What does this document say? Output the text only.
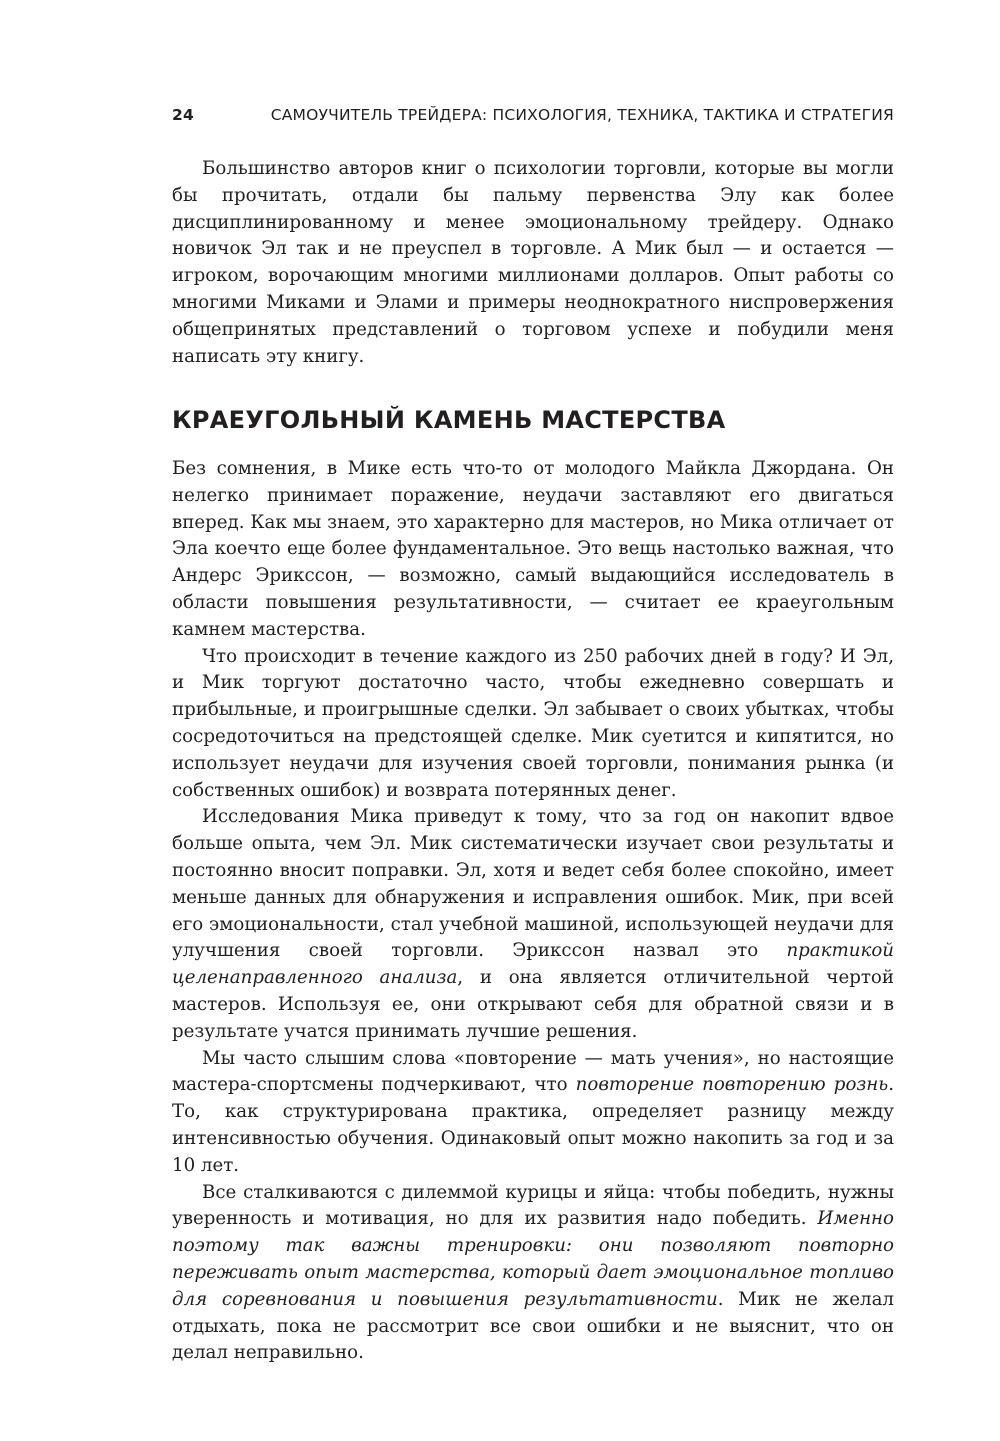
24	САМОУЧИТЕЛЬ ТРЕЙДЕРА: ПСИХОЛОГИЯ, ТЕХНИКА, ТАКТИКА И СТРАТЕГИЯ

Большинство авторов книг о психологии торговли, которые вы могли бы прочитать, отдали бы пальму первенства Элу как более дисциплинированному и менее эмоциональному трейдеру. Однако новичок Эл так и не преуспел в торговле. А Мик был — и остается — игроком, ворочающим многими миллионами долларов. Опыт работы со многими Миками и Элами и примеры неоднократного ниспровержения общепринятых представлений о торговом успехе и побудили меня написать эту книгу.

КРАЕУГОЛЬНЫЙ КАМЕНЬ МАСТЕРСТВА

Без сомнения, в Мике есть что-то от молодого Майкла Джордана. Он нелегко принимает поражение, неудачи заставляют его двигаться вперед. Как мы знаем, это характерно для мастеров, но Мика отличает от Эла коечто еще более фундаментальное. Это вещь настолько важная, что Андерс Эрикссон, — возможно, самый выдающийся исследователь в области повышения результативности, — считает ее краеугольным камнем мастерства.

Что происходит в течение каждого из 250 рабочих дней в году? И Эл, и Мик торгуют достаточно часто, чтобы ежедневно совершать и прибыльные, и проигрышные сделки. Эл забывает о своих убытках, чтобы сосредоточиться на предстоящей сделке. Мик суетится и кипятится, но использует неудачи для изучения своей торговли, понимания рынка (и собственных ошибок) и возврата потерянных денег.

Исследования Мика приведут к тому, что за год он накопит вдвое больше опыта, чем Эл. Мик систематически изучает свои результаты и постоянно вносит поправки. Эл, хотя и ведет себя более спокойно, имеет меньше данных для обнаружения и исправления ошибок. Мик, при всей его эмоциональности, стал учебной машиной, использующей неудачи для улучшения своей торговли. Эриксcон назвал это практикой целенаправленного анализа, и она является отличительной чертой мастеров. Используя ее, они открывают себя для обратной связи и в результате учатся принимать лучшие решения.

Мы часто слышим слова «повторение — мать учения», но настоящие мастера-спортсмены подчеркивают, что повторение повторению рознь. То, как структурирована практика, определяет разницу между интенсивностью обучения. Одинаковый опыт можно накопить за год и за 10 лет.

Все сталкиваются с дилеммой курицы и яйца: чтобы победить, нужны уверенность и мотивация, но для их развития надо победить. Именно поэтому так важны тренировки: они позволяют повторно переживать опыт мастерства, который дает эмоциональное топливо для соревнования и повышения результативности. Мик не желал отдыхать, пока не рассмотрит все свои ошибки и не выяснит, что он делал неправильно.
